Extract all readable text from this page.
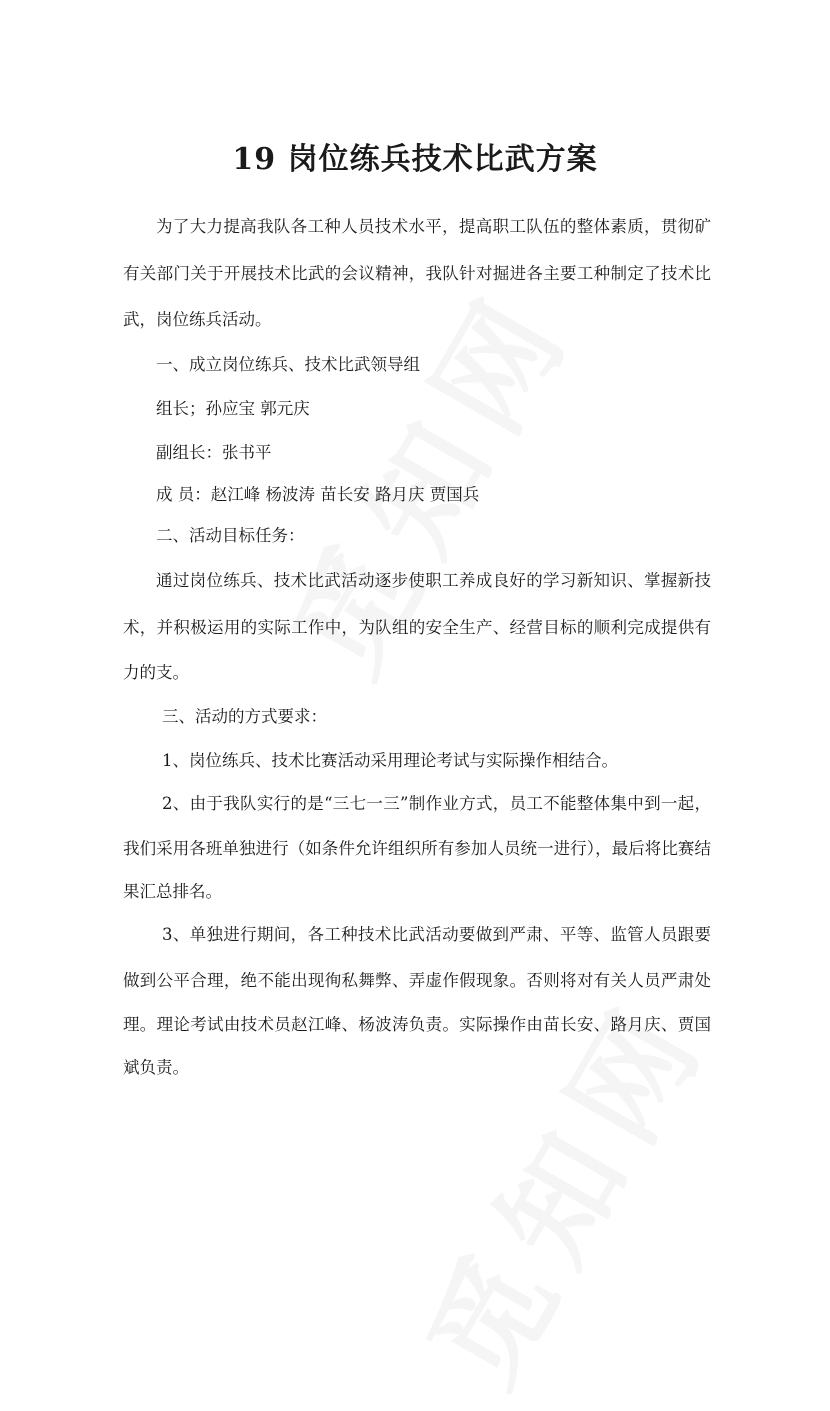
19 岗位练兵技术比武方案

为了大力提高我队各工种人员技术水平，提高职工队伍的整体素质，贯彻矿

有关部门关于开展技术比武的会议精神，我队针对掘进各主要工种制定了技术比

武，岗位练兵活动。

一、成立岗位练兵、技术比武领导组

组长；孙应宝 郭元庆

副组长：张书平

成 员：赵江峰 杨波涛 苗长安 路月庆 贾国兵

二、活动目标任务：

通过岗位练兵、技术比武活动逐步使职工养成良好的学习新知识、掌握新技

术，并积极运用的实际工作中，为队组的安全生产、经营目标的顺利完成提供有

力的支。

三、活动的方式要求：

1、岗位练兵、技术比赛活动采用理论考试与实际操作相结合。

2、由于我队实行的是“三七一三”制作业方式，员工不能整体集中到一起，

我们采用各班单独进行（如条件允许组织所有参加人员统一进行），最后将比赛结

果汇总排名。

3、单独进行期间，各工种技术比武活动要做到严肃、平等、监管人员跟要

做到公平合理，绝不能出现徇私舞弊、弄虚作假现象。否则将对有关人员严肃处

理。理论考试由技术员赵江峰、杨波涛负责。实际操作由苗长安、路月庆、贾国

斌负责。
